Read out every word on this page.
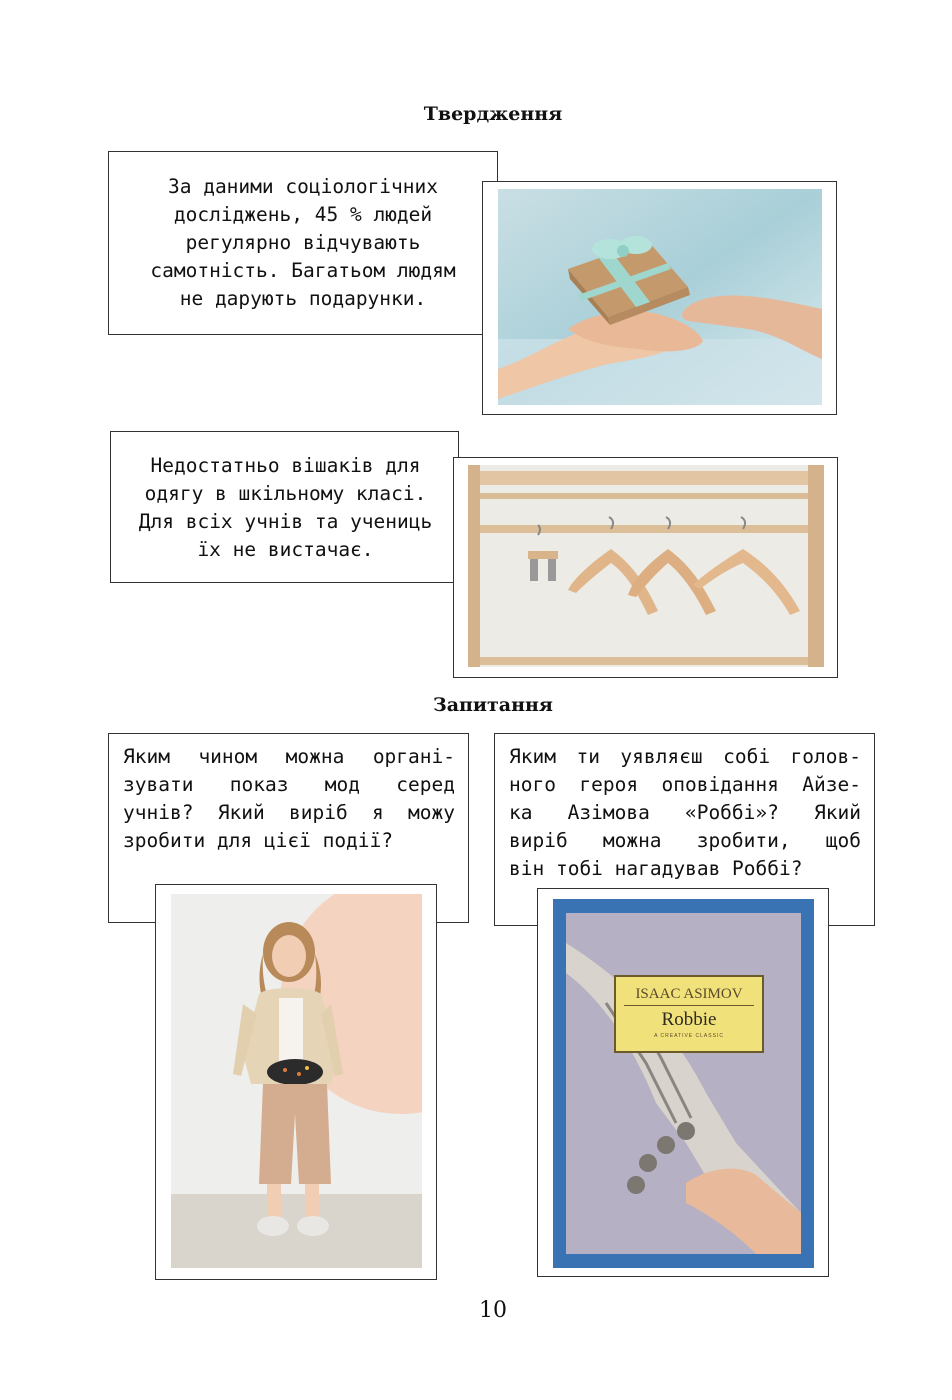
Твердження
За даними соціологічних
досліджень, 45 % людей
регулярно відчувають
самотність. Багатьом людям
не дарують подарунки.
Недостатньо вішаків для
одягу в шкільному класі.
Для всіх учнів та учениць
їх не вистачає.
Запитання
Яким чином можна органі-
зувати показ мод серед
учнів? Який виріб я можу
зробити для цієї події?
Яким ти уявляєш собі голов-
ного героя оповідання Айзе-
ка Азімова «Роббі»? Який
виріб можна зробити, щоб
він тобі нагадував Роббі?
ISAAC ASIMOV
Robbie
A CREATIVE CLASSIC
10
